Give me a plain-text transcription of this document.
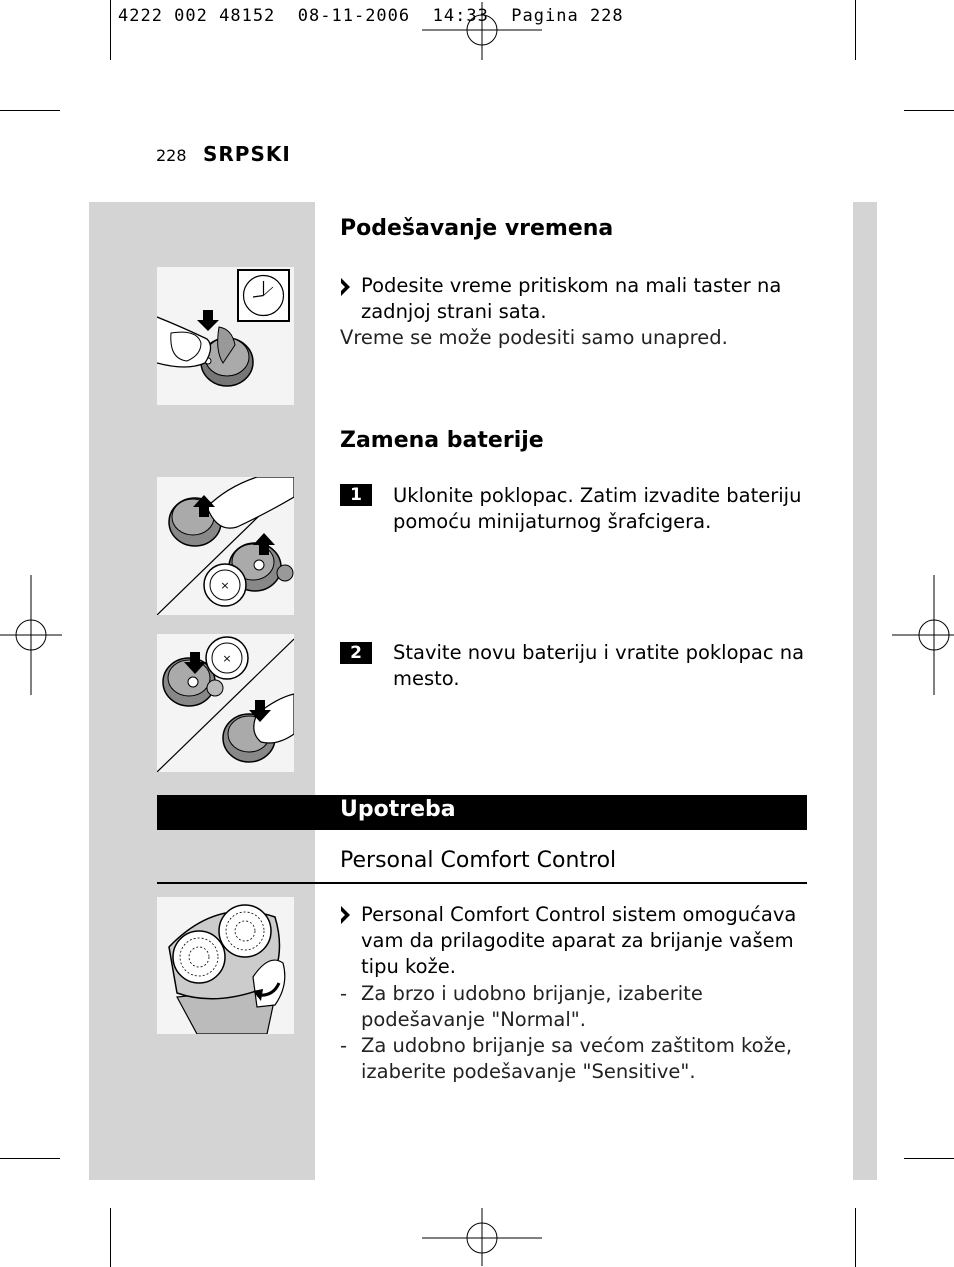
4222 002 48152 08-11-2006 14:33 Pagina 228
228 SRPSKI
Podešavanje vremena
Podesite vreme pritiskom na mali taster na
zadnjoj strani sata.
Vreme se može podesiti samo unapred.
Zamena baterije
×
1	Uklonite poklopac. Zatim izvadite bateriju
pomoću minijaturnog šrafcigera.
×	2	Stavite novu bateriju i vratite poklopac na
mesto.
Upotreba
Personal Comfort Control
Personal Comfort Control sistem omogućava
vam da prilagodite aparat za brijanje vašem
tipu kože.
- Za brzo i udobno brijanje, izaberite
podešavanje "Normal".
- Za udobno brijanje sa većom zaštitom kože,
izaberite podešavanje "Sensitive".
